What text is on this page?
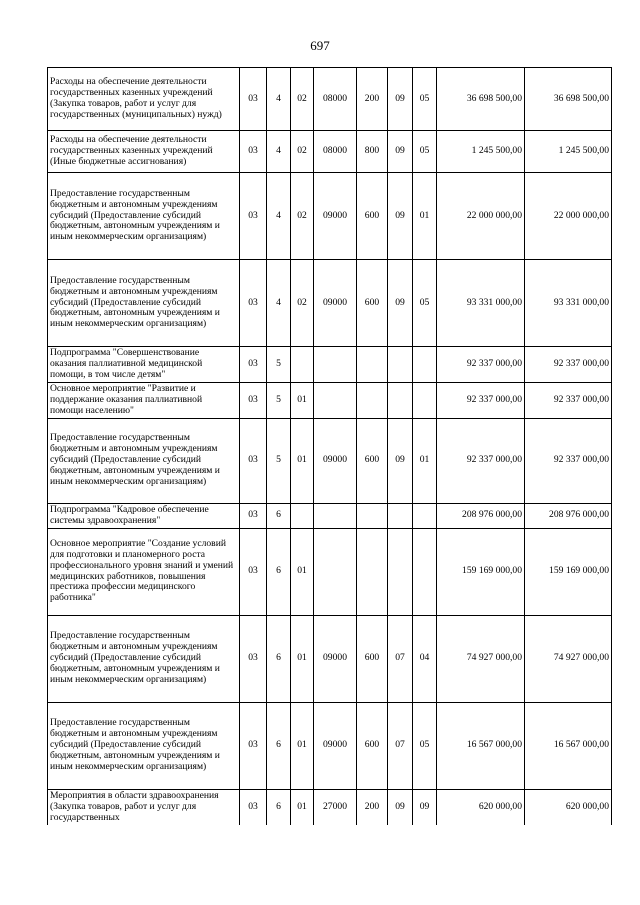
697
Расходы на обеспечение деятельности государственных казенных учреждений (Закупка товаров, работ и услуг для государственных (муниципальных) нужд)	03	4	02	08000	200	09	05	36 698 500,00	36 698 500,00
Расходы на обеспечение деятельности государственных казенных учреждений (Иные бюджетные ассигнования)	03	4	02	08000	800	09	05	1 245 500,00	1 245 500,00
Предоставление государственным бюджетным и автономным учреждениям субсидий (Предоставление субсидий бюджетным, автономным учреждениям и иным некоммерческим организациям)	03	4	02	09000	600	09	01	22 000 000,00	22 000 000,00
Предоставление государственным бюджетным и автономным учреждениям субсидий (Предоставление субсидий бюджетным, автономным учреждениям и иным некоммерческим организациям)	03	4	02	09000	600	09	05	93 331 000,00	93 331 000,00
Подпрограмма "Совершенствование оказания паллиативной медицинской помощи, в том числе детям"	03	5						92 337 000,00	92 337 000,00
Основное мероприятие "Развитие и поддержание оказания паллиативной помощи населению"	03	5	01					92 337 000,00	92 337 000,00
Предоставление государственным бюджетным и автономным учреждениям субсидий (Предоставление субсидий бюджетным, автономным учреждениям и иным некоммерческим организациям)	03	5	01	09000	600	09	01	92 337 000,00	92 337 000,00
Подпрограмма "Кадровое обеспечение системы здравоохранения"	03	6						208 976 000,00	208 976 000,00
Основное мероприятие "Создание условий для подготовки и планомерного роста профессионального уровня знаний и умений медицинских работников, повышения престижа профессии медицинского работника"	03	6	01					159 169 000,00	159 169 000,00
Предоставление государственным бюджетным и автономным учреждениям субсидий (Предоставление субсидий бюджетным, автономным учреждениям и иным некоммерческим организациям)	03	6	01	09000	600	07	04	74 927 000,00	74 927 000,00
Предоставление государственным бюджетным и автономным учреждениям субсидий (Предоставление субсидий бюджетным, автономным учреждениям и иным некоммерческим организациям)	03	6	01	09000	600	07	05	16 567 000,00	16 567 000,00
Мероприятия в области здравоохранения (Закупка товаров, работ и услуг для государственных	03	6	01	27000	200	09	09	620 000,00	620 000,00
